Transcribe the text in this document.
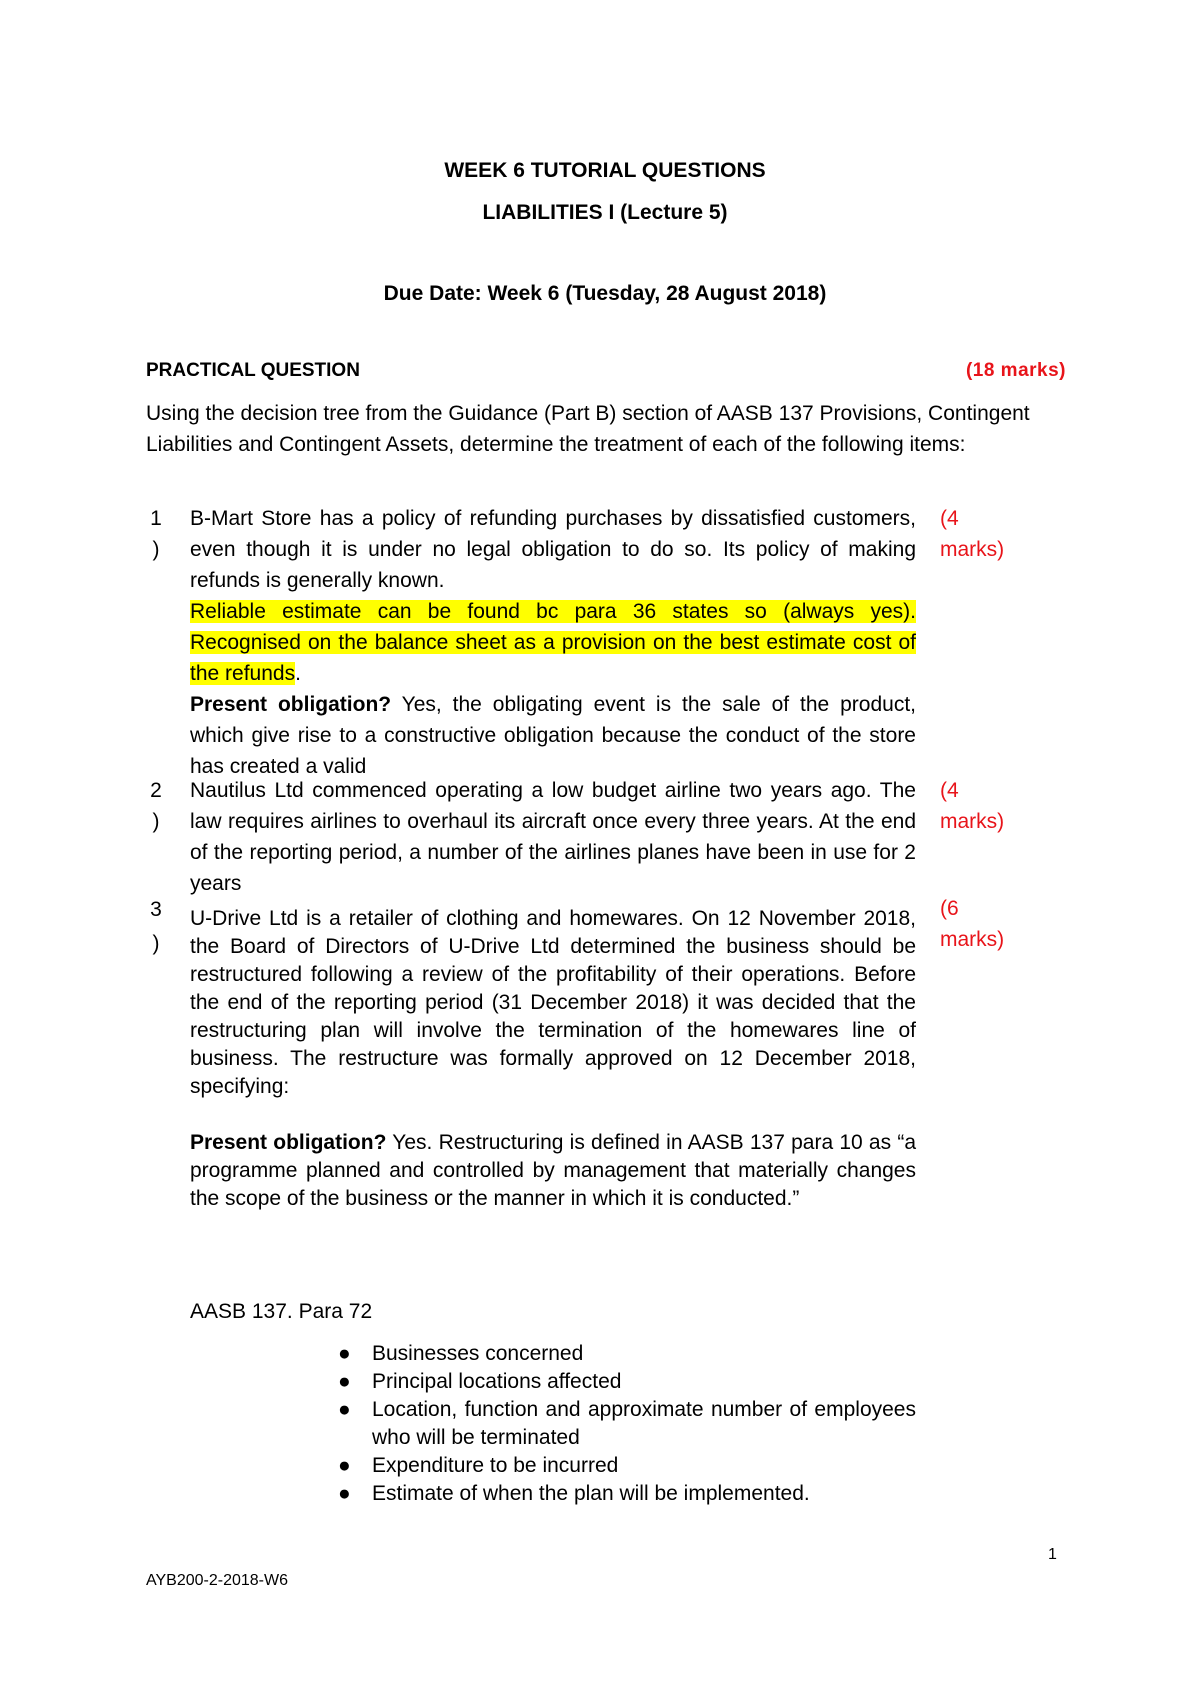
WEEK 6 TUTORIAL QUESTIONS
LIABILITIES I (Lecture 5)
Due Date: Week 6 (Tuesday, 28 August 2018)
PRACTICAL QUESTION	(18 marks)

Using the decision tree from the Guidance (Part B) section of AASB 137 Provisions, Contingent Liabilities and Contingent Assets, determine the treatment of each of the following items:

1
)

B-Mart Store has a policy of refunding purchases by dissatisfied customers, even though it is under no legal obligation to do so. Its policy of making refunds is generally known.

Reliable estimate can be found bc para 36 states so (always yes). Recognised on the balance sheet as a provision on the best estimate cost of the refunds.

Present obligation? Yes, the obligating event is the sale of the product, which give rise to a constructive obligation because the conduct of the store has created a valid

(4
marks)
2
)

Nautilus Ltd commenced operating a low budget airline two years ago. The law requires airlines to overhaul its aircraft once every three years. At the end of the reporting period, a number of the airlines planes have been in use for 2 years

(4
marks)
3
)

U-Drive Ltd is a retailer of clothing and homewares. On 12 November 2018, the Board of Directors of U-Drive Ltd determined the business should be restructured following a review of the profitability of their operations. Before the end of the reporting period (31 December 2018) it was decided that the restructuring plan will involve the termination of the homewares line of business. The restructure was formally approved on 12 December 2018, specifying:

Present obligation? Yes. Restructuring is defined in AASB 137 para 10 as “a programme planned and controlled by management that materially changes the scope of the business or the manner in which it is conducted.”

(6
marks)
AASB 137. Para 72
● Businesses concerned
● Principal locations affected
● Location, function and approximate number of employees who will be terminated
● Expenditure to be incurred
● Estimate of when the plan will be implemented.
1
AYB200-2-2018-W6
